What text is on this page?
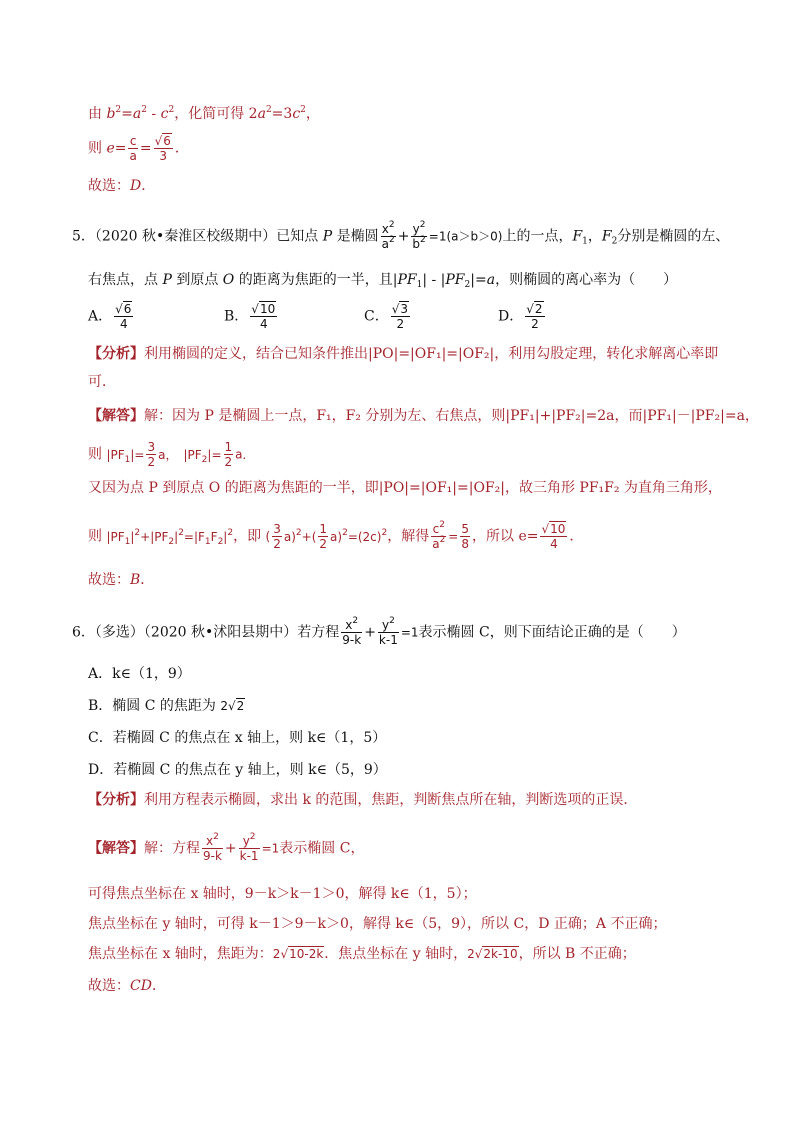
由 $b^2=a^2 - c^2$，化简可得 $2a^2=3c^2$，
则 $e= \frac{c}{a} = \frac{√6}{3}$ ．
故选：D．
5．（2020 秋•秦淮区校级期中）已知点 P 是椭圆 $\frac{x^2}{a^2} + \frac{y^2}{b^2} =1(a>b>0)$上的一点，$F_1$，$F_2$分别是椭圆的左、
右焦点，点 P 到原点 O 的距离为焦距的一半，且$|PF_1| - |PF_2|=a$，则椭圆的离心率为（　　）
A． $\frac{√6}{4}$	B． $\frac{√10}{4}$	C． $\frac{√3}{2}$	D． $\frac{√2}{2}$
【分析】利用椭圆的定义，结合已知条件推出|PO|=|OF₁|=|OF₂|，利用勾股定理，转化求解离心率即
可．
【解答】解：因为 P 是椭圆上一点，F₁，F₂ 分别为左、右焦点，则|PF₁|+|PF₂|=2a，而|PF₁|－|PF₂|=a，
则 $|PF_1|= \frac{3}{2}$ a，　$|PF_2|= \frac{1}{2}$ a．
又因为点 P 到原点 O 的距离为焦距的一半，即|PO|=|OF₁|=|OF₂|，故三角形 PF₁F₂ 为直角三角形，
则 $|PF_1|^2+|PF_2|^2=|F_1F_2|^2$，即 ( $\frac{3}{2} a)^2+( \frac{1}{2} a)^2=(2c)^2$，解得 $\frac{c^2}{a^2} = \frac{5}{8}$ ，所以 $e= \frac{√10}{4}$ ．
故选：B．
6．（多选）（2020 秋•沭阳县期中）若方程 $\frac{x^2}{9-k} + \frac{y^2}{k-1} =1$表示椭圆 C，则下面结论正确的是（　　）
A．k∈（1，9）
B．椭圆 C 的焦距为 2√2
C．若椭圆 C 的焦点在 x 轴上，则 k∈（1，5）
D．若椭圆 C 的焦点在 y 轴上，则 k∈（5，9）
【分析】利用方程表示椭圆，求出 k 的范围，焦距，判断焦点所在轴，判断选项的正误．
【解答】解：方程 $\frac{x^2}{9-k} + \frac{y^2}{k-1} =1$表示椭圆 C，
可得焦点坐标在 x 轴时，9－k＞k－1＞0，解得 k∈（1，5）；
焦点坐标在 y 轴时，可得 k－1＞9－k＞0，解得 k∈（5，9），所以 C，D 正确；A 不正确；
焦点坐标在 x 轴时，焦距为：2√10-2k．焦点坐标在 y 轴时，2√2k-10，所以 B 不正确；
故选：CD．
